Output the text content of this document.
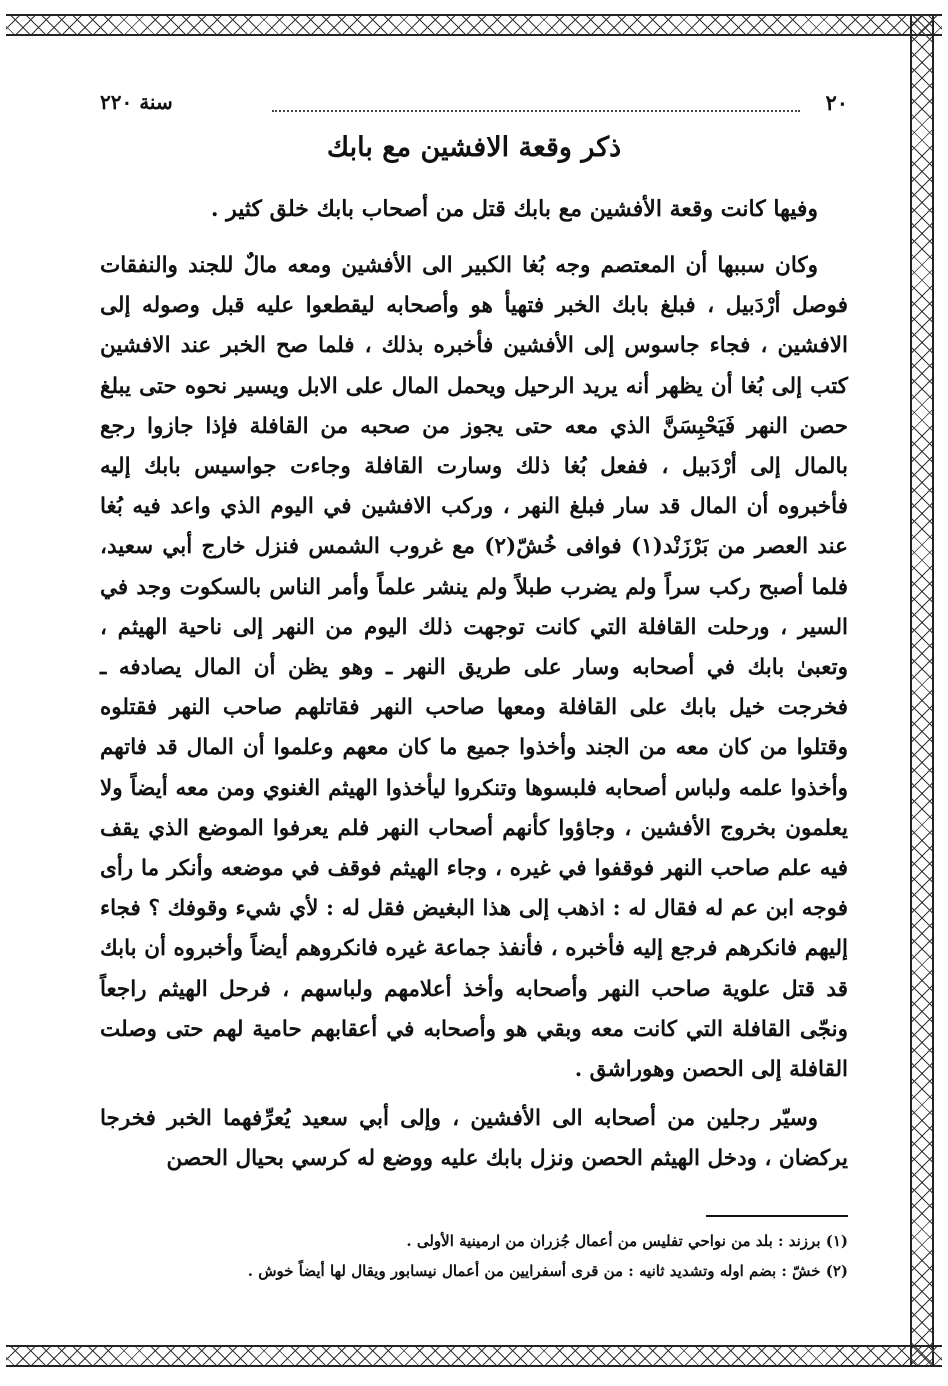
٢٠
سنة ٢٢٠
ذكر وقعة الافشين مع بابك
وفيها كانت وقعة الأفشين مع بابك قتل من أصحاب بابك خلق كثير .

وكان سببها أن المعتصم وجه بُغا الكبير الى الأفشين ومعه مالٌ للجند والنفقات فوصل أرْدَبيل ، فبلغ بابك الخبر فتهيأ هو وأصحابه ليقطعوا عليه قبل وصوله إلى الافشين ، فجاء جاسوس إلى الأفشين فأخبره بذلك ، فلما صح الخبر عند الافشين كتب إلى بُغا أن يظهر أنه يريد الرحيل ويحمل المال على الابل ويسير نحوه حتى يبلغ حصن النهر فَيَحْبِسَنَّ الذي معه حتى يجوز من صحبه من القافلة فإذا جازوا رجع بالمال إلى أرْدَبيل ، ففعل بُغا ذلك وسارت القافلة وجاءت جواسيس بابك إليه فأخبروه أن المال قد سار فبلغ النهر ، وركب الافشين في اليوم الذي واعد فيه بُغا عند العصر من بَرْزَنْد(١) فوافى خُشّ(٢) مع غروب الشمس فنزل خارج أبي سعيد، فلما أصبح ركب سراً ولم يضرب طبلاً ولم ينشر علماً وأمر الناس بالسكوت وجد في السير ، ورحلت القافلة التي كانت توجهت ذلك اليوم من النهر إلى ناحية الهيثم ، وتعبىٰ بابك في أصحابه وسار على طريق النهر ـ وهو يظن أن المال يصادفه ـ فخرجت خيل بابك على القافلة ومعها صاحب النهر فقاتلهم صاحب النهر فقتلوه وقتلوا من كان معه من الجند وأخذوا جميع ما كان معهم وعلموا أن المال قد فاتهم وأخذوا علمه ولباس أصحابه فلبسوها وتنكروا ليأخذوا الهيثم الغنوي ومن معه أيضاً ولا يعلمون بخروج الأفشين ، وجاؤوا كأنهم أصحاب النهر فلم يعرفوا الموضع الذي يقف فيه علم صاحب النهر فوقفوا في غيره ، وجاء الهيثم فوقف في موضعه وأنكر ما رأى فوجه ابن عم له فقال له : اذهب إلى هذا البغيض فقل له : لأي شيء وقوفك ؟ فجاء إليهم فانكرهم فرجع إليه فأخبره ، فأنفذ جماعة غيره فانكروهم أيضاً وأخبروه أن بابك قد قتل علوية صاحب النهر وأصحابه وأخذ أعلامهم ولباسهم ، فرحل الهيثم راجعاً ونجّى القافلة التي كانت معه وبقي هو وأصحابه في أعقابهم حامية لهم حتى وصلت القافلة إلى الحصن وهوراشق .

وسيّر رجلين من أصحابه الى الأفشين ، وإلى أبي سعيد يُعرِّفهما الخبر فخرجا يركضان ، ودخل الهيثم الحصن ونزل بابك عليه ووضع له كرسي بحيال الحصن

(١) برزند : بلد من نواحي تفليس من أعمال جُزران من ارمينية الأولى .
(٢) خشّ : بضم اوله وتشديد ثانيه : من قرى أسفرايين من أعمال نيسابور ويقال لها أيضاً خوش .
